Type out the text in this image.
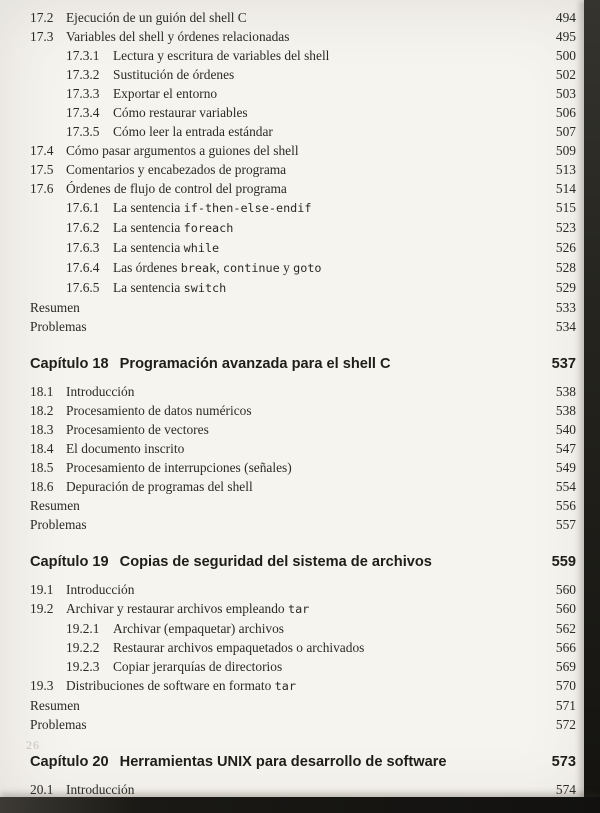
17.2 Ejecución de un guión del shell C	494
17.3 Variables del shell y órdenes relacionadas	495
17.3.1	Lectura y escritura de variables del shell	500
17.3.2	Sustitución de órdenes	502
17.3.3	Exportar el entorno	503
17.3.4	Cómo restaurar variables	506
17.3.5	Cómo leer la entrada estándar	507
17.4 Cómo pasar argumentos a guiones del shell	509
17.5 Comentarios y encabezados de programa	513
17.6 Órdenes de flujo de control del programa	514
17.6.1	La sentencia if-then-else-endif	515
17.6.2	La sentencia foreach	523
17.6.3	La sentencia while	526
17.6.4	Las órdenes break, continue y goto	528
17.6.5	La sentencia switch	529
Resumen	533
Problemas	534
Capítulo 18 Programación avanzada para el shell C	537
18.1 Introducción	538
18.2 Procesamiento de datos numéricos	538
18.3 Procesamiento de vectores	540
18.4 El documento inscrito	547
18.5 Procesamiento de interrupciones (señales)	549
18.6 Depuración de programas del shell	554
Resumen	556
Problemas	557
Capítulo 19 Copias de seguridad del sistema de archivos	559
19.1 Introducción	560
19.2 Archivar y restaurar archivos empleando tar	560
19.2.1	Archivar (empaquetar) archivos	562
19.2.2	Restaurar archivos empaquetados o archivados	566
19.2.3	Copiar jerarquías de directorios	569
19.3 Distribuciones de software en formato tar	570
Resumen	571
Problemas	572
Capítulo 20 Herramientas UNIX para desarrollo de software	573
20.1 Introducción	574
26
